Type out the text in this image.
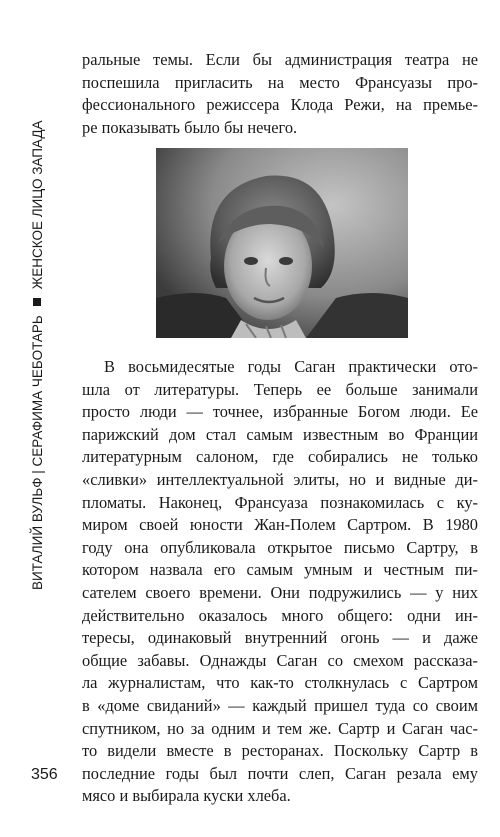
ВИТАЛИЙ ВУЛЬФ | СЕРАФИМА ЧЕБОТАРЬ
ЖЕНСКОЕ ЛИЦО ЗАПАДА

ральные темы. Если бы администрация театра не

поспешила пригласить на место Франсуазы про-

фессионального режиссера Клода Режи, на премье-

ре показывать было бы нечего.

В восьмидесятые годы Саган практически ото-

шла от литературы. Теперь ее больше занимали

просто люди — точнее, избранные Богом люди. Ее

парижский дом стал самым известным во Франции

литературным салоном, где собирались не только

«сливки» интеллектуальной элиты, но и видные ди-

пломаты. Наконец, Франсуаза познакомилась с ку-

миром своей юности Жан-Полем Сартром. В 1980

году она опубликовала открытое письмо Сартру, в

котором назвала его самым умным и честным пи-

сателем своего времени. Они подружились — у них

действительно оказалось много общего: одни ин-

тересы, одинаковый внутренний огонь — и даже

общие забавы. Однажды Саган со смехом рассказа-

ла журналистам, что как-то столкнулась с Сартром

в «доме свиданий» — каждый пришел туда со своим

спутником, но за одним и тем же. Сартр и Саган час-

то видели вместе в ресторанах. Поскольку Сартр в

последние годы был почти слеп, Саган резала ему

мясо и выбирала куски хлеба.

356
